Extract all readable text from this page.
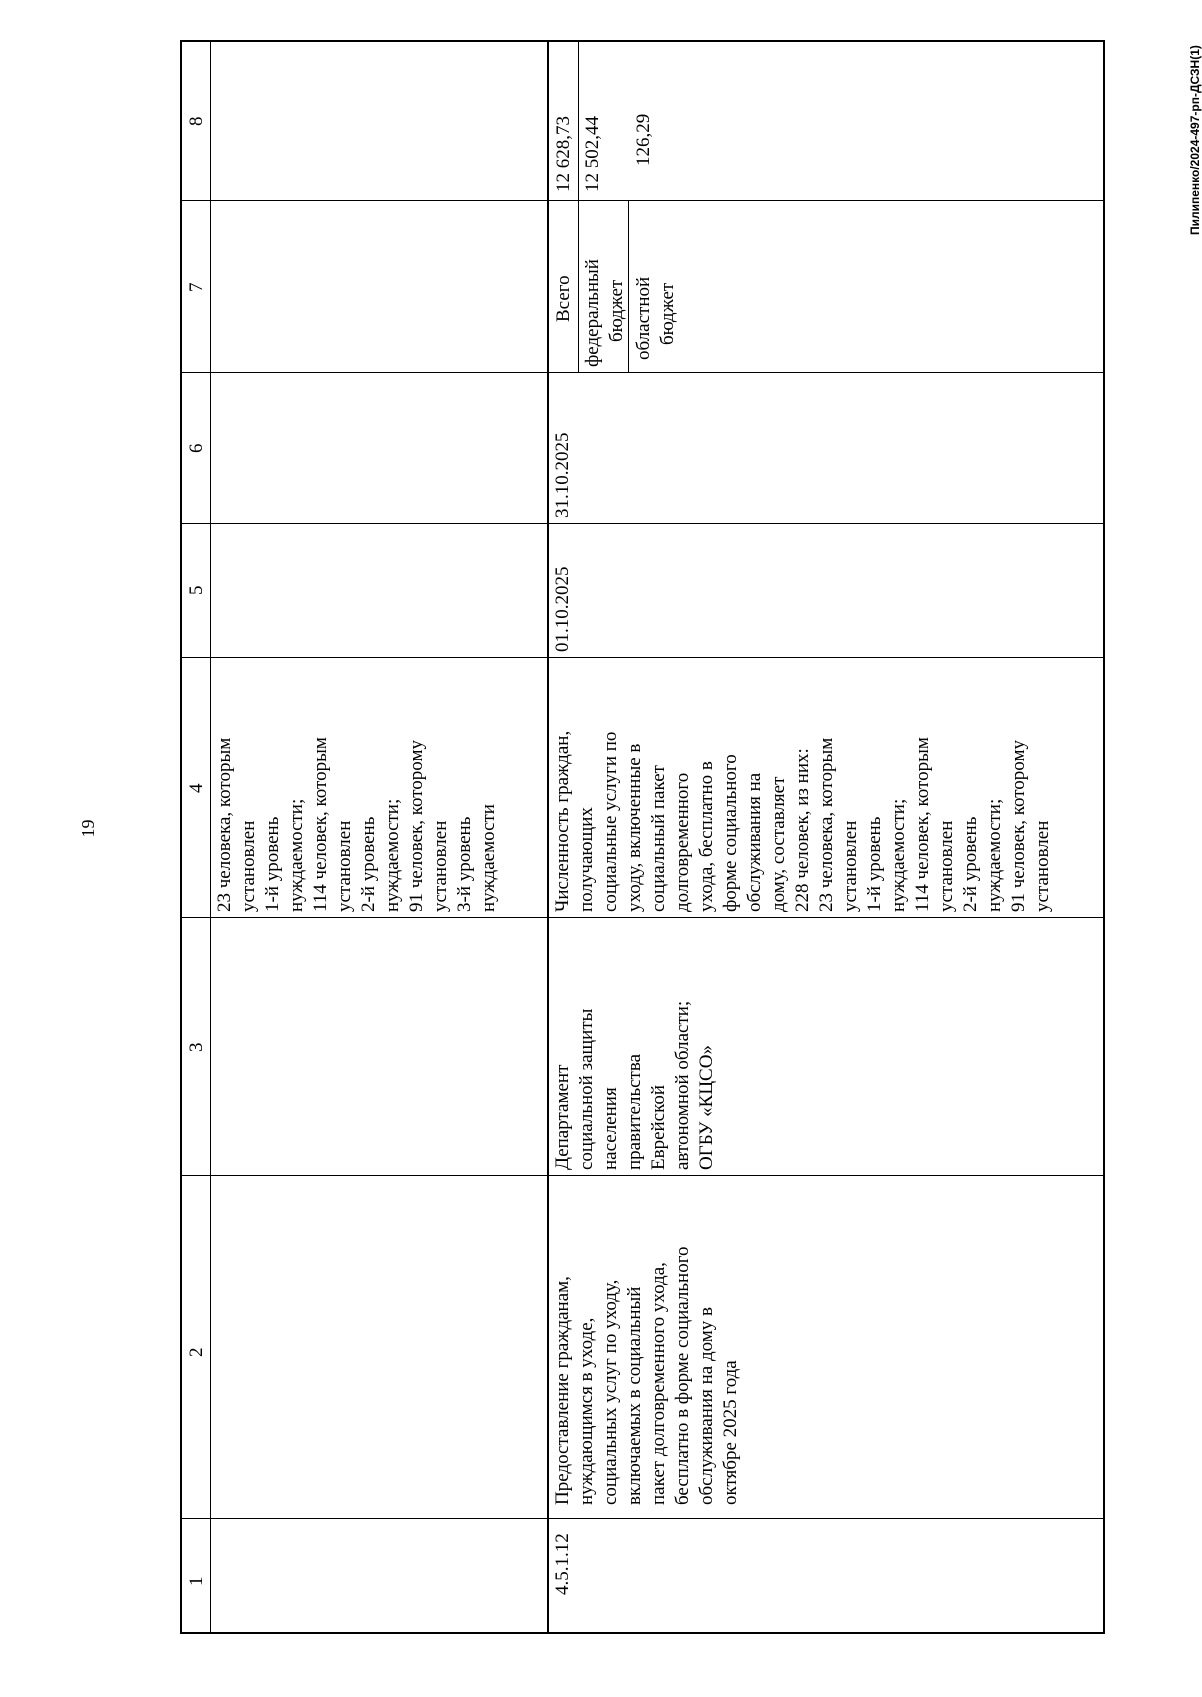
19
Пилипенко/2024-497-рп-ДСЗН(1)
1
2
3
4
5
6
7
8
23 человека, которым установлен 1-й уровень нуждаемости; 114 человек, которым установлен 2-й уровень нуждаемости; 91 человек, которому установлен 3-й уровень нуждаемости
4.5.1.12
Предоставление гражданам, нуждающимся в уходе, социальных услуг по уходу, включаемых в социальный пакет долговременного ухода, бесплатно в форме социального обслуживания на дому в октябре 2025 года
Департамент социальной защиты населения правительства Еврейской автономной области; ОГБУ «КЦСО»
Численность граждан, получающих социальные услуги по уходу, включенные в социальный пакет долговременного ухода, бесплатно в форме социального обслуживания на дому, составляет 228 человек, из них: 23 человека, которым установлен 1-й уровень нуждаемости; 114 человек, которым установлен 2-й уровень нуждаемости; 91 человек, которому установлен
01.10.2025
31.10.2025
Всего федеральный бюджет областной бюджет
12 628,73 12 502,44 126,29
